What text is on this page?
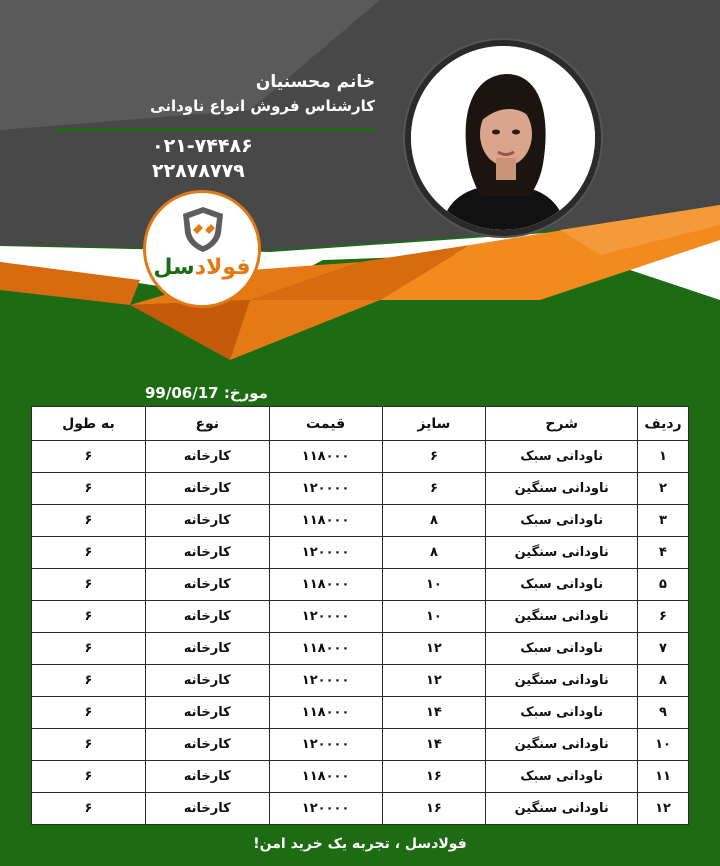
خانم محسنیان
کارشناس فروش انواع ناودانی
۰۲۱-۷۴۴۸۶
۲۲۸۷۸۷۷۹
فولادسل
مورخ: 99/06/17
ردیف	شرح	سایز	قیمت	نوع	به طول
۱	ناودانی سبک	۶	۱۱۸۰۰۰	کارخانه	۶
۲	ناودانی سنگین	۶	۱۲۰۰۰۰	کارخانه	۶
۳	ناودانی سبک	۸	۱۱۸۰۰۰	کارخانه	۶
۴	ناودانی سنگین	۸	۱۲۰۰۰۰	کارخانه	۶
۵	ناودانی سبک	۱۰	۱۱۸۰۰۰	کارخانه	۶
۶	ناودانی سنگین	۱۰	۱۲۰۰۰۰	کارخانه	۶
۷	ناودانی سبک	۱۲	۱۱۸۰۰۰	کارخانه	۶
۸	ناودانی سنگین	۱۲	۱۲۰۰۰۰	کارخانه	۶
۹	ناودانی سبک	۱۴	۱۱۸۰۰۰	کارخانه	۶
۱۰	ناودانی سنگین	۱۴	۱۲۰۰۰۰	کارخانه	۶
۱۱	ناودانی سبک	۱۶	۱۱۸۰۰۰	کارخانه	۶
۱۲	ناودانی سنگین	۱۶	۱۲۰۰۰۰	کارخانه	۶
فولادسل ، تجربه یک خرید امن!
